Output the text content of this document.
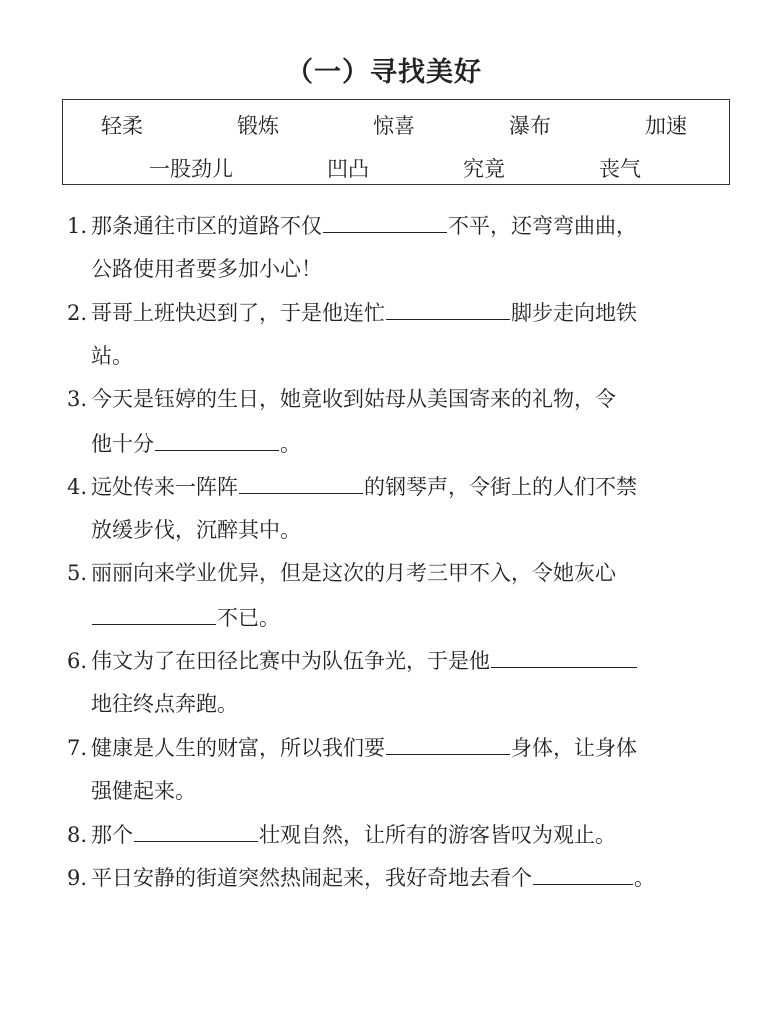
（一）寻找美好
轻柔	锻炼	惊喜	瀑布	加速
一股劲儿	凹凸	究竟	丧气
1. 那条通往市区的道路不仅	不平，还弯弯曲曲，
公路使用者要多加小心！
2. 哥哥上班快迟到了，于是他连忙	脚步走向地铁
站。
3. 今天是钰婷的生日，她竟收到姑母从美国寄来的礼物，令
他十分	。
4. 远处传来一阵阵	的钢琴声，令街上的人们不禁
放缓步伐，沉醉其中。
5. 丽丽向来学业优异，但是这次的月考三甲不入，令她灰心
不已。
6. 伟文为了在田径比赛中为队伍争光，于是他
地往终点奔跑。
7. 健康是人生的财富，所以我们要	身体，让身体
强健起来。
8. 那个	壮观自然，让所有的游客皆叹为观止。
9. 平日安静的街道突然热闹起来，我好奇地去看个	。
